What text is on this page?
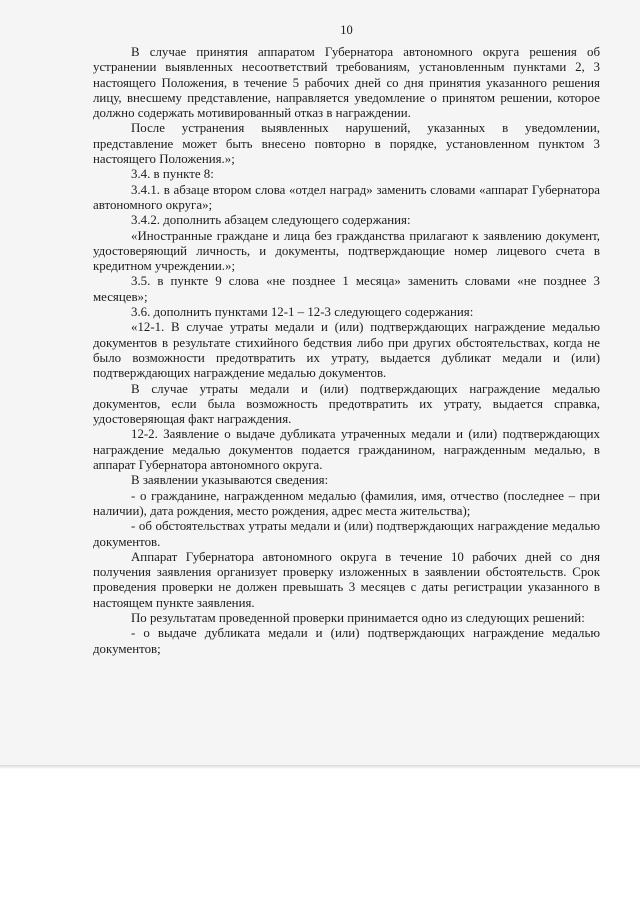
10

В случае принятия аппаратом Губернатора автономного округа решения об устранении выявленных несоответствий требованиям, установленным пунктами 2, 3 настоящего Положения, в течение 5 рабочих дней со дня принятия указанного решения лицу, внесшему представление, направляется уведомление о принятом решении, которое должно содержать мотивированный отказ в награждении.

После устранения выявленных нарушений, указанных в уведомлении, представление может быть внесено повторно в порядке, установленном пунктом 3 настоящего Положения.»;

3.4. в пункте 8:

3.4.1. в абзаце втором слова «отдел наград» заменить словами «аппарат Губернатора автономного округа»;

3.4.2. дополнить абзацем следующего содержания:

«Иностранные граждане и лица без гражданства прилагают к заявлению документ, удостоверяющий личность, и документы, подтверждающие номер лицевого счета в кредитном учреждении.»;

3.5. в пункте 9 слова «не позднее 1 месяца» заменить словами «не позднее 3 месяцев»;

3.6. дополнить пунктами 12-1 – 12-3 следующего содержания:

«12-1. В случае утраты медали и (или) подтверждающих награждение медалью документов в результате стихийного бедствия либо при других обстоятельствах, когда не было возможности предотвратить их утрату, выдается дубликат медали и (или) подтверждающих награждение медалью документов.

В случае утраты медали и (или) подтверждающих награждение медалью документов, если была возможность предотвратить их утрату, выдается справка, удостоверяющая факт награждения.

12-2. Заявление о выдаче дубликата утраченных медали и (или) подтверждающих награждение медалью документов подается гражданином, награжденным медалью, в аппарат Губернатора автономного округа.

В заявлении указываются сведения:

- о гражданине, награжденном медалью (фамилия, имя, отчество (последнее – при наличии), дата рождения, место рождения, адрес места жительства);

- об обстоятельствах утраты медали и (или) подтверждающих награждение медалью документов.

Аппарат Губернатора автономного округа в течение 10 рабочих дней со дня получения заявления организует проверку изложенных в заявлении обстоятельств. Срок проведения проверки не должен превышать 3 месяцев с даты регистрации указанного в настоящем пункте заявления.

По результатам проведенной проверки принимается одно из следующих решений:

- о выдаче дубликата медали и (или) подтверждающих награждение медалью документов;
